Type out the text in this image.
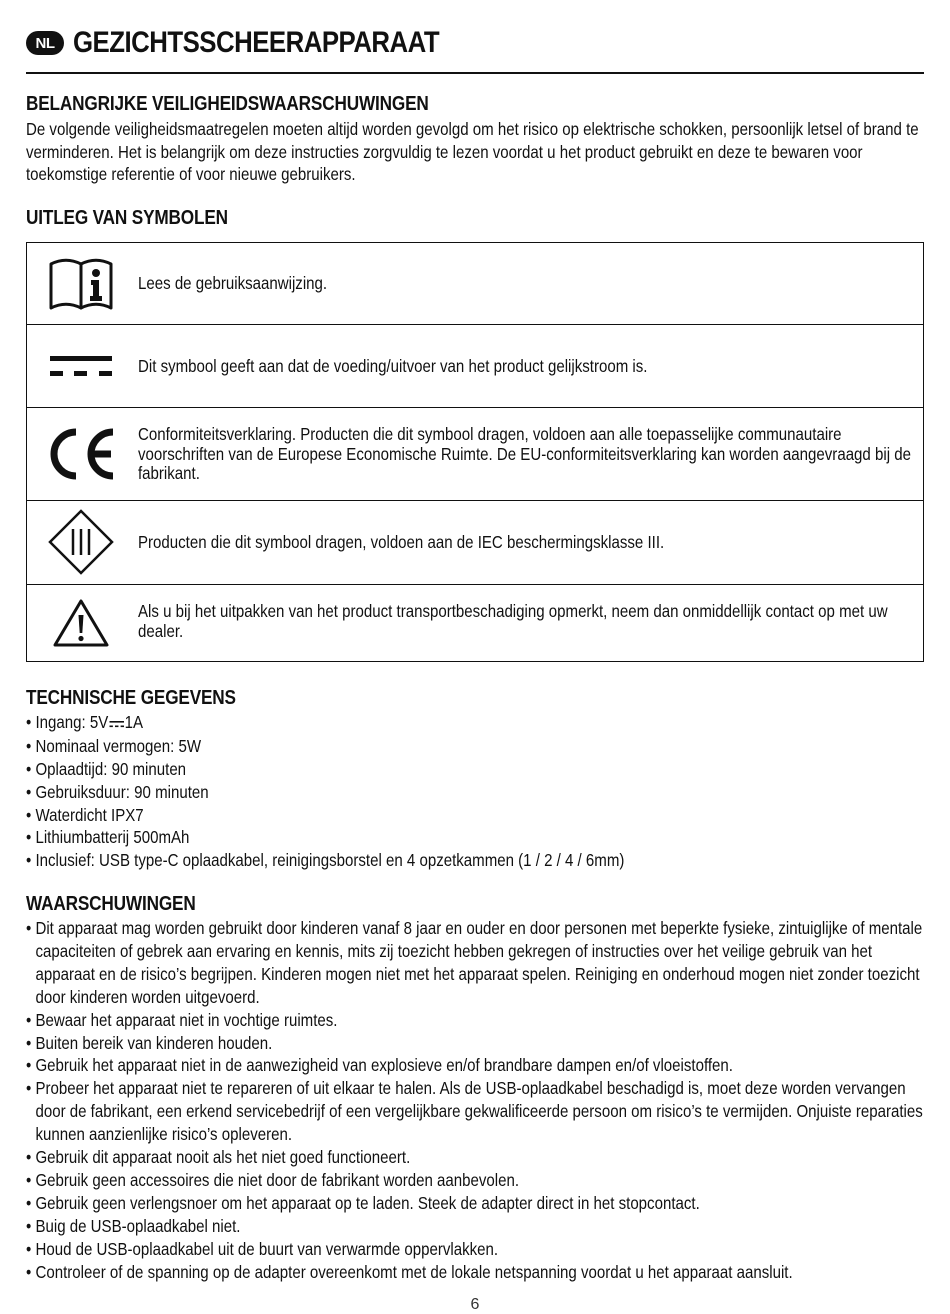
NL GEZICHTSSCHEERAPPARAAT
BELANGRIJKE VEILIGHEIDSWAARSCHUWINGEN
De volgende veiligheidsmaatregelen moeten altijd worden gevolgd om het risico op elektrische schokken, persoonlijk letsel of brand te verminderen. Het is belangrijk om deze instructies zorgvuldig te lezen voordat u het product gebruikt en deze te bewaren voor toekomstige referentie of voor nieuwe gebruikers.
UITLEG VAN SYMBOLEN
Lees de gebruiksaanwijzing.
Dit symbool geeft aan dat de voeding/uitvoer van het product gelijkstroom is.
Conformiteitsverklaring. Producten die dit symbool dragen, voldoen aan alle toepasselijke communautaire voorschriften van de Europese Economische Ruimte. De EU-conformiteitsverklaring kan worden aangevraagd bij de fabrikant.
Producten die dit symbool dragen, voldoen aan de IEC beschermingsklasse III.
Als u bij het uitpakken van het product transportbeschadiging opmerkt, neem dan onmiddellijk contact op met uw dealer.
TECHNISCHE GEGEVENS
• Ingang: 5V 1A
• Nominaal vermogen: 5W
• Oplaadtijd: 90 minuten
• Gebruiksduur: 90 minuten
• Waterdicht IPX7
• Lithiumbatterij 500mAh
• Inclusief: USB type-C oplaadkabel, reinigingsborstel en 4 opzetkammen (1 / 2 / 4 / 6mm)
WAARSCHUWINGEN
• Dit apparaat mag worden gebruikt door kinderen vanaf 8 jaar en ouder en door personen met beperkte fysieke, zintuiglijke of mentale capaciteiten of gebrek aan ervaring en kennis, mits zij toezicht hebben gekregen of instructies over het veilige gebruik van het apparaat en de risico’s begrijpen. Kinderen mogen niet met het apparaat spelen. Reiniging en onderhoud mogen niet zonder toezicht door kinderen worden uitgevoerd.
• Bewaar het apparaat niet in vochtige ruimtes.
• Buiten bereik van kinderen houden.
• Gebruik het apparaat niet in de aanwezigheid van explosieve en/of brandbare dampen en/of vloeistoffen.
• Probeer het apparaat niet te repareren of uit elkaar te halen. Als de USB-oplaadkabel beschadigd is, moet deze worden vervangen door de fabrikant, een erkend servicebedrijf of een vergelijkbare gekwalificeerde persoon om risico’s te vermijden. Onjuiste reparaties kunnen aanzienlijke risico’s opleveren.
• Gebruik dit apparaat nooit als het niet goed functioneert.
• Gebruik geen accessoires die niet door de fabrikant worden aanbevolen.
• Gebruik geen verlengsnoer om het apparaat op te laden. Steek de adapter direct in het stopcontact.
• Buig de USB-oplaadkabel niet.
• Houd de USB-oplaadkabel uit de buurt van verwarmde oppervlakken.
• Controleer of de spanning op de adapter overeenkomt met de lokale netspanning voordat u het apparaat aansluit.
6
